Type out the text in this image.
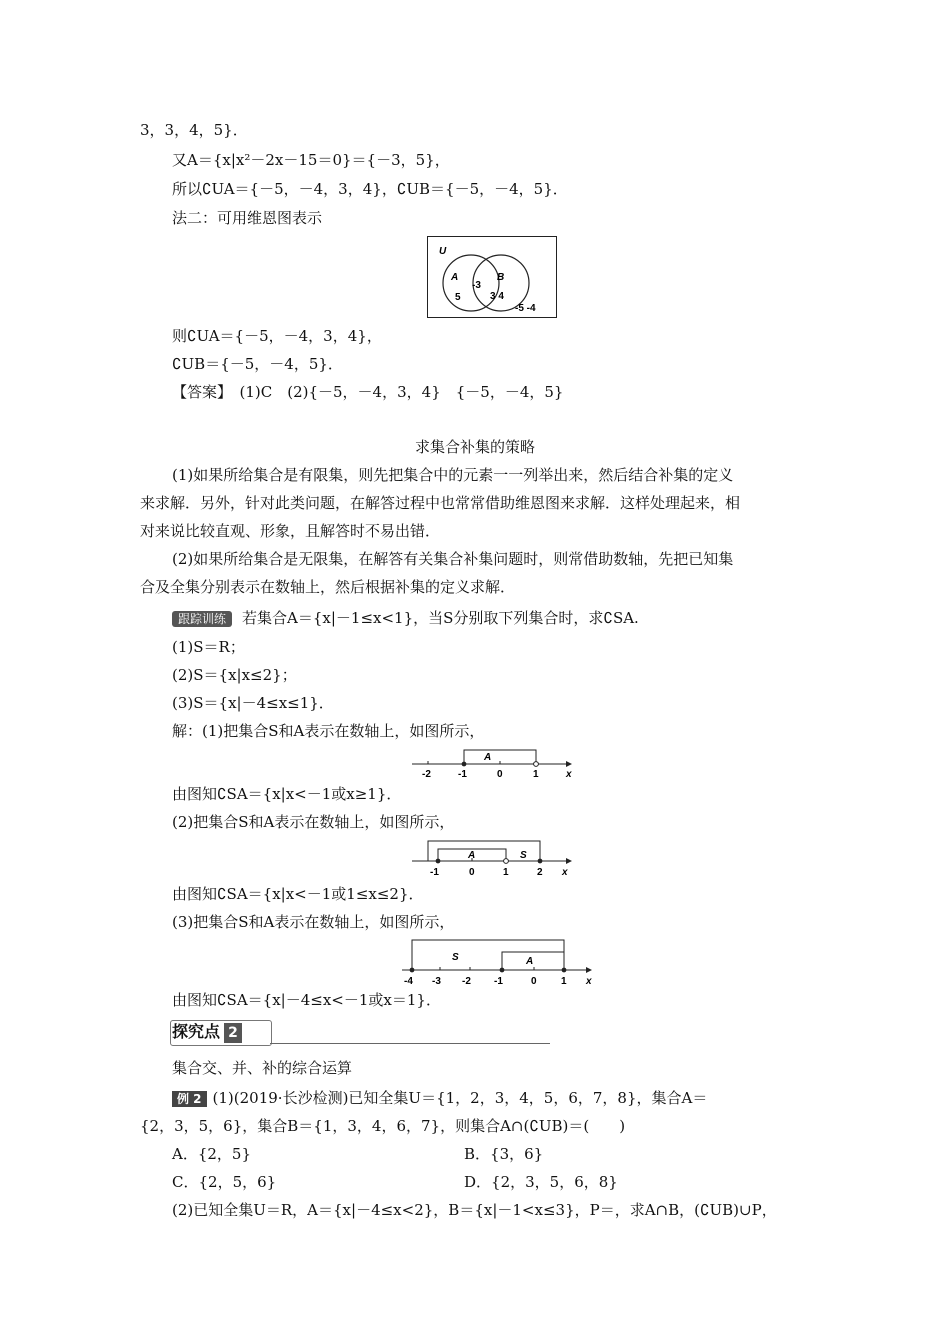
3，3，4，5}．
又A＝{x|x²－2x－15＝0}＝{－3，5}，
所以∁UA＝{－5，－4，3，4}，∁UB＝{－5，－4，5}．
法二：可用维恩图表示
U
A	B
5
-3
3 4
-5 -4
则∁UA＝{－5，－4，3，4}，
∁UB＝{－5，－4，5}．
【答案】　(1)C　(2){－5，－4，3，4}　{－5，－4，5}
求集合补集的策略
(1)如果所给集合是有限集，则先把集合中的元素一一列举出来，然后结合补集的定义
来求解．另外，针对此类问题，在解答过程中也常常借助维恩图来求解．这样处理起来，相
对来说比较直观、形象，且解答时不易出错．
(2)如果所给集合是无限集，在解答有关集合补集问题时，则常借助数轴，先把已知集
合及全集分别表示在数轴上，然后根据补集的定义求解．
跟踪训练 若集合A＝{x|－1≤x<1}，当S分别取下列集合时，求∁SA.
(1)S＝R；
(2)S＝{x|x≤2}；
(3)S＝{x|－4≤x≤1}．
解：(1)把集合S和A表示在数轴上，如图所示，
A
-2	-1	0	1	x
由图知∁SA＝{x|x<－1或x≥1}．
(2)把集合S和A表示在数轴上，如图所示，
A	S
-1	0	1	2 x
由图知∁SA＝{x|x<－1或1≤x≤2}．
(3)把集合S和A表示在数轴上，如图所示，
S	A
-4 -3 -2 -1	0 1 x
由图知∁SA＝{x|－4≤x<－1或x＝1}．
探究点 2
集合交、并、补的综合运算
例 2 (1)(2019·长沙检测)已知全集U＝{1，2，3，4，5，6，7，8}，集合A＝
{2，3，5，6}，集合B＝{1，3，4，6，7}，则集合A∩(∁UB)＝(　　)
A．{2，5}	B．{3，6}
C．{2，5，6}	D．{2，3，5，6，8}
(2)已知全集U＝R，A＝{x|－4≤x<2}，B＝{x|－1<x≤3}，P＝，求A∩B，(∁UB)∪P，
